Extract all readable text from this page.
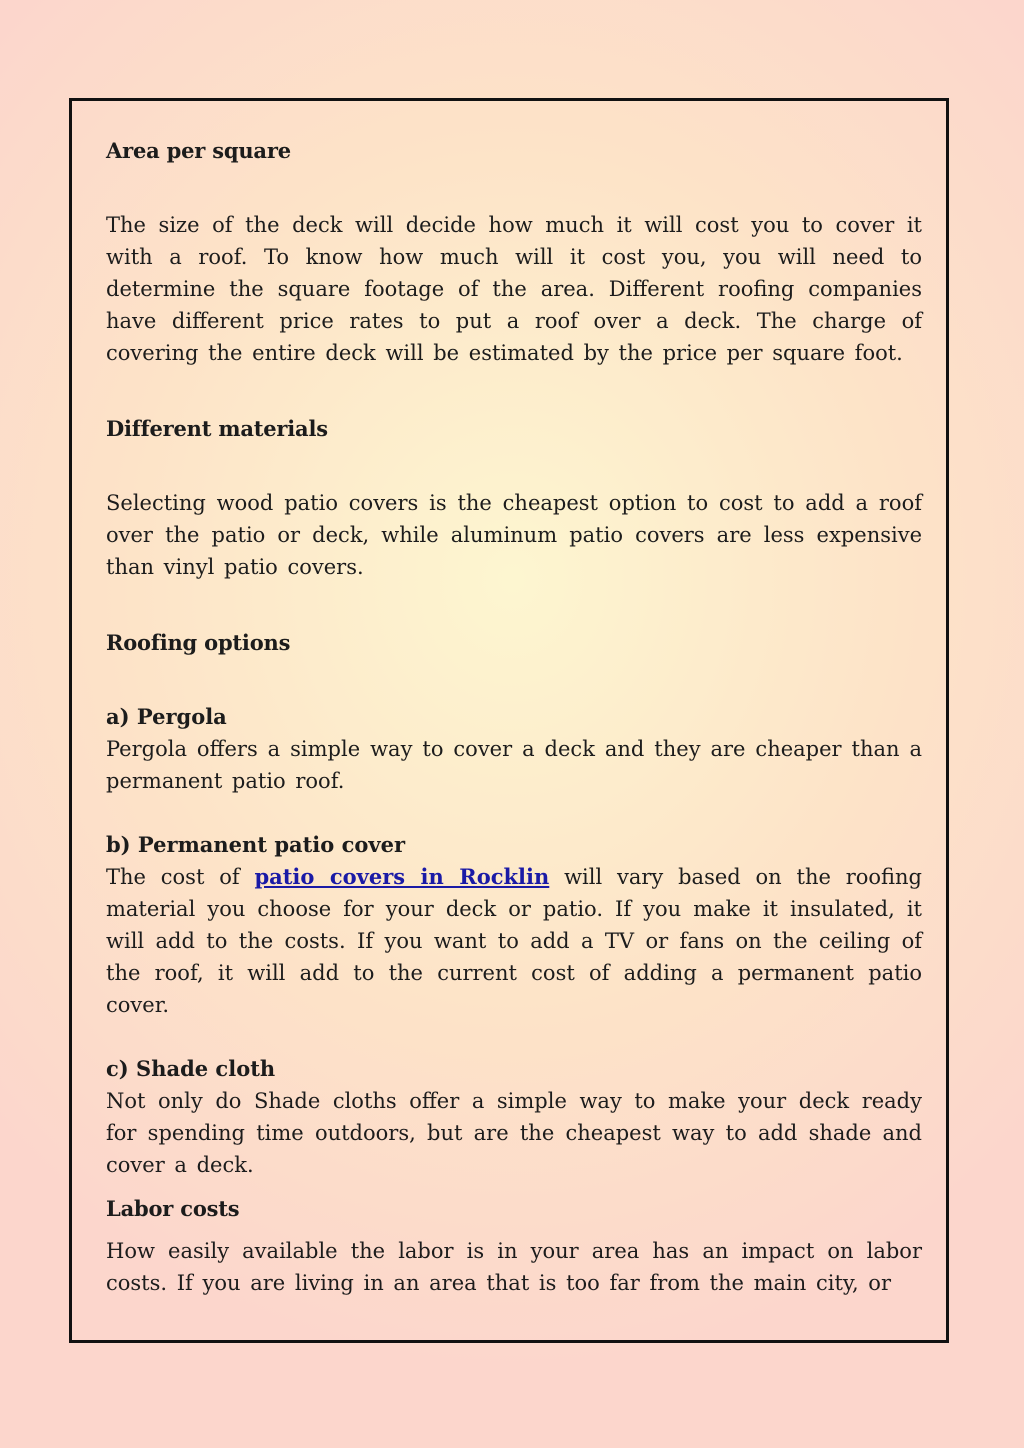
Area per square

The size of the deck will decide how much it will cost you to cover it with a roof. To know how much will it cost you, you will need to determine the square footage of the area. Different roofing companies have different price rates to put a roof over a deck. The charge of covering the entire deck will be estimated by the price per square foot.

Different materials

Selecting wood patio covers is the cheapest option to cost to add a roof over the patio or deck, while aluminum patio covers are less expensive than vinyl patio covers.

Roofing options

a) Pergola

Pergola offers a simple way to cover a deck and they are cheaper than a permanent patio roof.

b) Permanent patio cover

The cost of patio covers in Rocklin will vary based on the roofing material you choose for your deck or patio. If you make it insulated, it will add to the costs. If you want to add a TV or fans on the ceiling of the roof, it will add to the current cost of adding a permanent patio cover.

c) Shade cloth

Not only do Shade cloths offer a simple way to make your deck ready for spending time outdoors, but are the cheapest way to add shade and cover a deck.

Labor costs

How easily available the labor is in your area has an impact on labor costs. If you are living in an area that is too far from the main city, or
